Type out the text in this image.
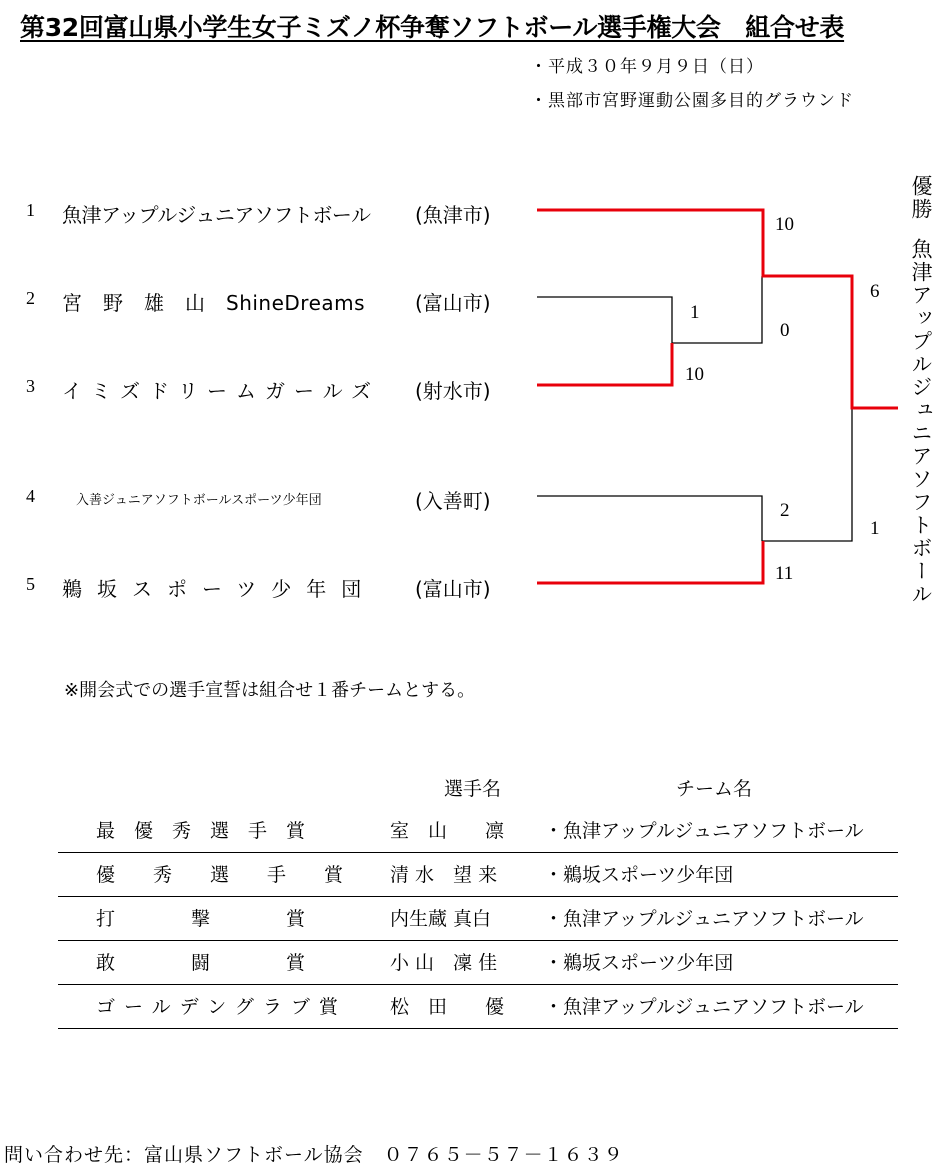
第32回富山県小学生女子ミズノ杯争奪ソフトボール選手権大会　組合せ表
・平成３０年９月９日（日）
・黒部市宮野運動公園多目的グラウンド
1 魚津アップルジュニアソフトボール (魚津市)
2 宮　野　雄　山　ShineDreams (富山市)
3 イミズドリームガールズ (射水市)
4	入善ジュニアソフトボールスポーツ少年団	(入善町)
5 鵜坂スポーツ少年団 (富山市)
1
10
10
0
2
11
6
1
優勝
魚津アップルジュニアソフトボール
※開会式での選手宣誓は組合せ１番チームとする。
選手名	チーム名
最　優　秀　選　手　賞	室　山　　凛 ・魚津アップルジュニアソフトボール
優　　秀　　選　　手　　賞 清 水　望 来 ・鵜坂スポーツ少年団
打　　　　撃　　　　賞	内生蔵 真白	・魚津アップルジュニアソフトボール
敢　　　　闘　　　　賞	小 山　凜 佳 ・鵜坂スポーツ少年団
ゴールデングラブ賞 松　田　　優 ・魚津アップルジュニアソフトボール
問い合わせ先：富山県ソフトボール協会　０７６５－５７－１６３９
